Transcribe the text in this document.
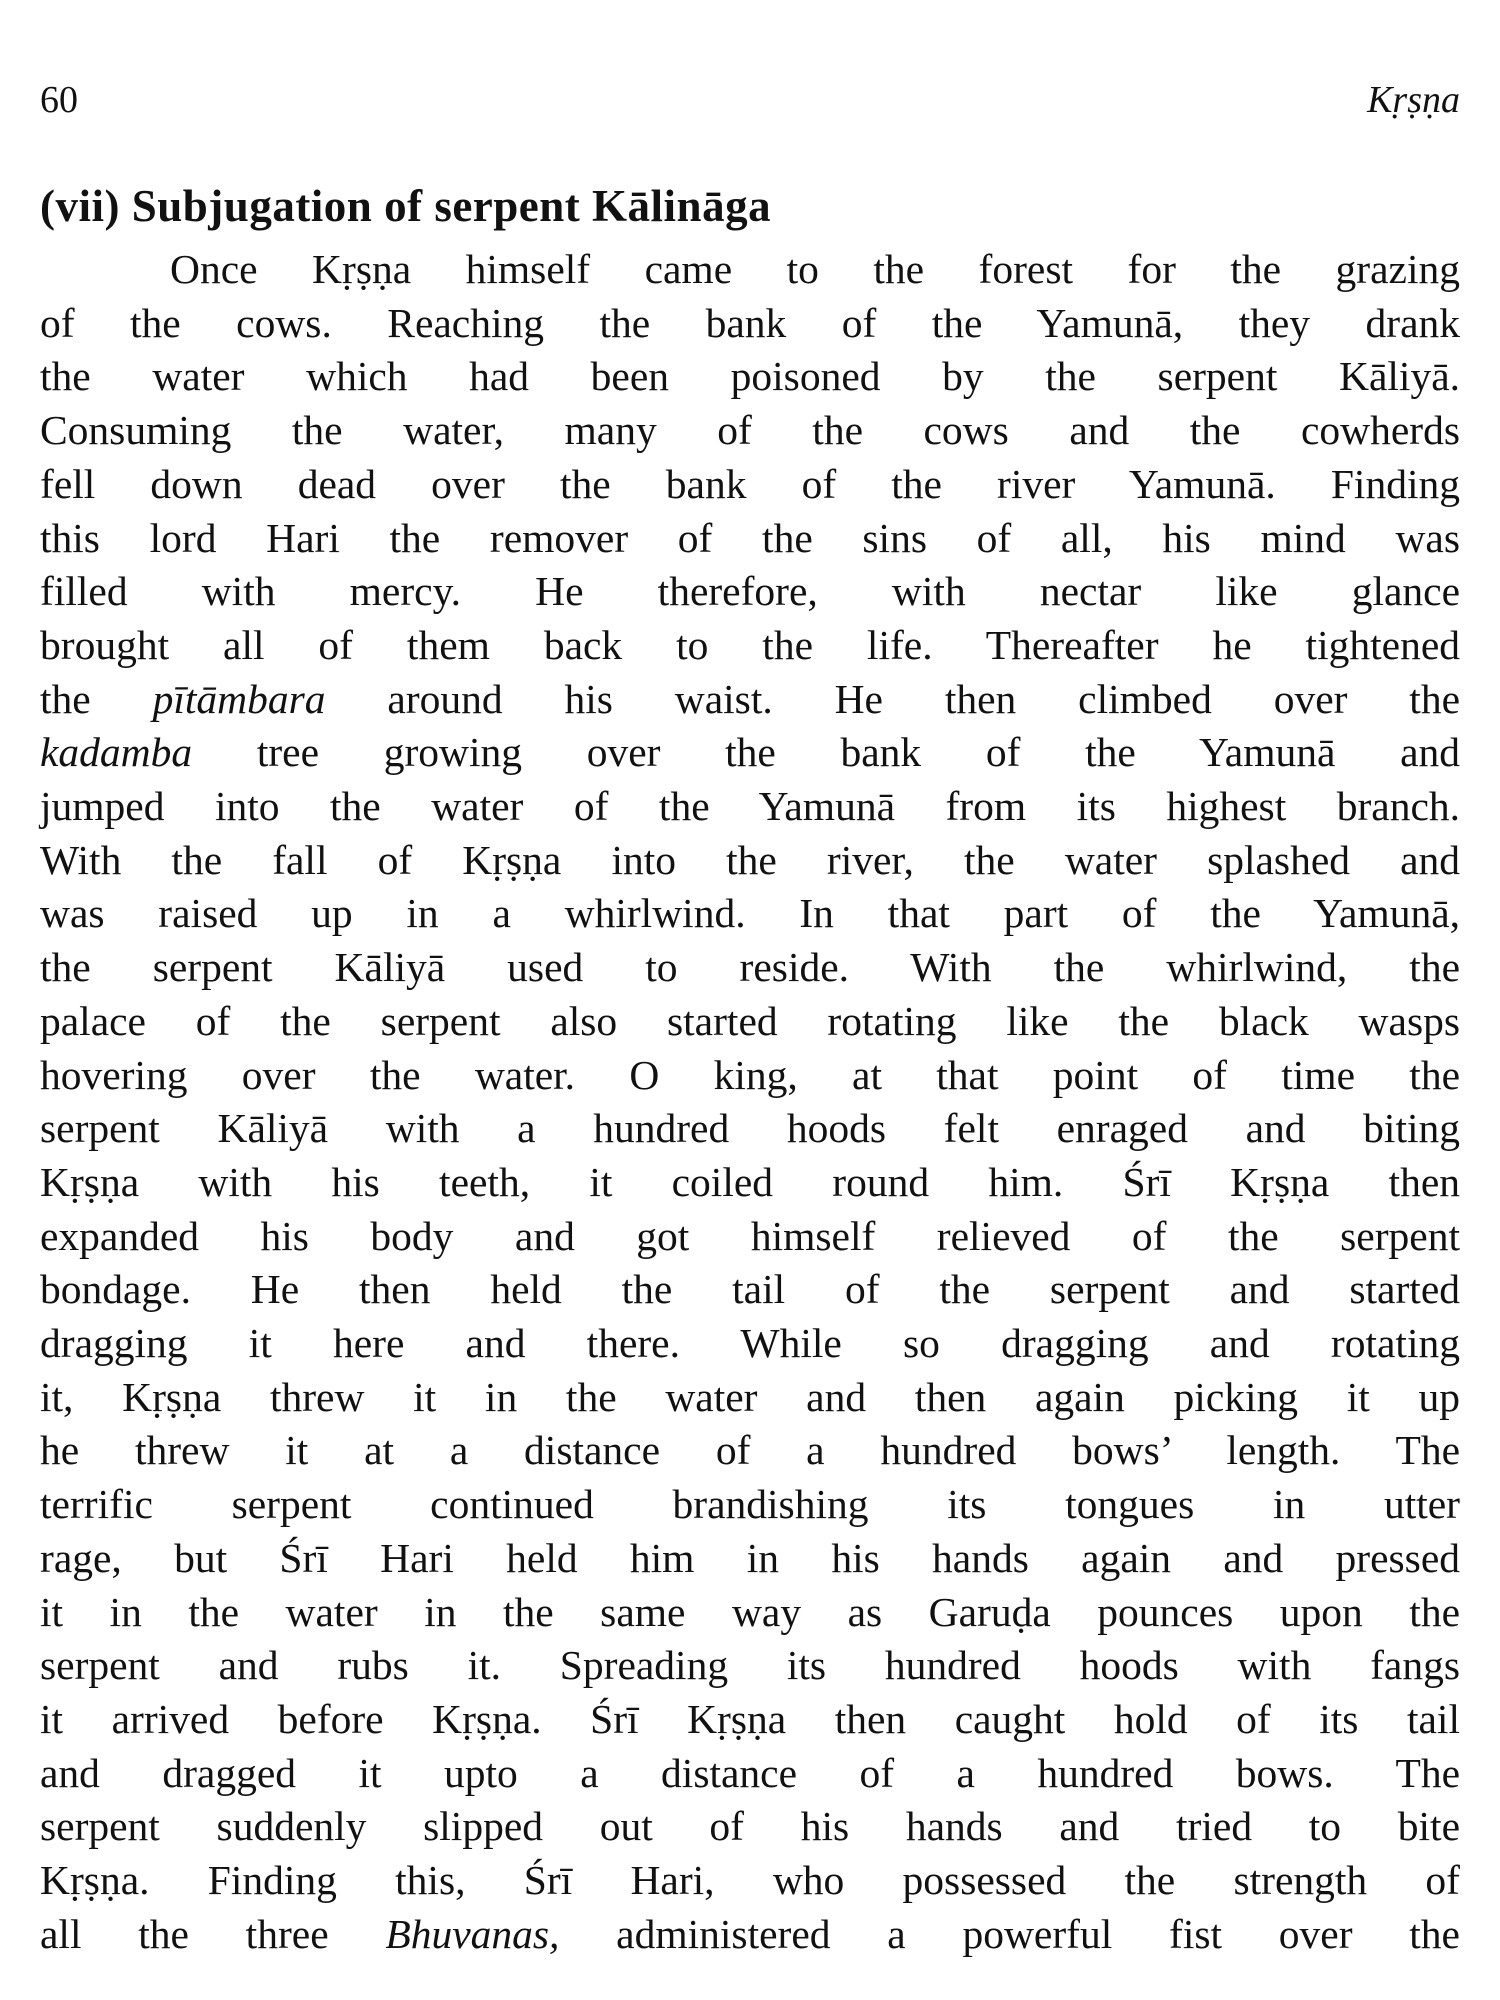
60	Kṛṣṇa
(vii) Subjugation of serpent Kālināga
Once Kṛṣṇa himself came to the forest for the grazing
of the cows. Reaching the bank of the Yamunā, they drank
the water which had been poisoned by the serpent Kāliyā.
Consuming the water, many of the cows and the cowherds
fell down dead over the bank of the river Yamunā. Finding
this lord Hari the remover of the sins of all, his mind was
filled with mercy. He therefore, with nectar like glance
brought all of them back to the life. Thereafter he tightened
the pītāmbara around his waist. He then climbed over the
kadamba tree growing over the bank of the Yamunā and
jumped into the water of the Yamunā from its highest branch.
With the fall of Kṛṣṇa into the river, the water splashed and
was raised up in a whirlwind. In that part of the Yamunā,
the serpent Kāliyā used to reside. With the whirlwind, the
palace of the serpent also started rotating like the black wasps
hovering over the water. O king, at that point of time the
serpent Kāliyā with a hundred hoods felt enraged and biting
Kṛṣṇa with his teeth, it coiled round him. Śrī Kṛṣṇa then
expanded his body and got himself relieved of the serpent
bondage. He then held the tail of the serpent and started
dragging it here and there. While so dragging and rotating
it, Kṛṣṇa threw it in the water and then again picking it up
he threw it at a distance of a hundred bows’ length. The
terrific serpent continued brandishing its tongues in utter
rage, but Śrī Hari held him in his hands again and pressed
it in the water in the same way as Garuḍa pounces upon the
serpent and rubs it. Spreading its hundred hoods with fangs
it arrived before Kṛṣṇa. Śrī Kṛṣṇa then caught hold of its tail
and dragged it upto a distance of a hundred bows. The
serpent suddenly slipped out of his hands and tried to bite
Kṛṣṇa. Finding this, Śrī Hari, who possessed the strength of
all the three Bhuvanas, administered a powerful fist over the
